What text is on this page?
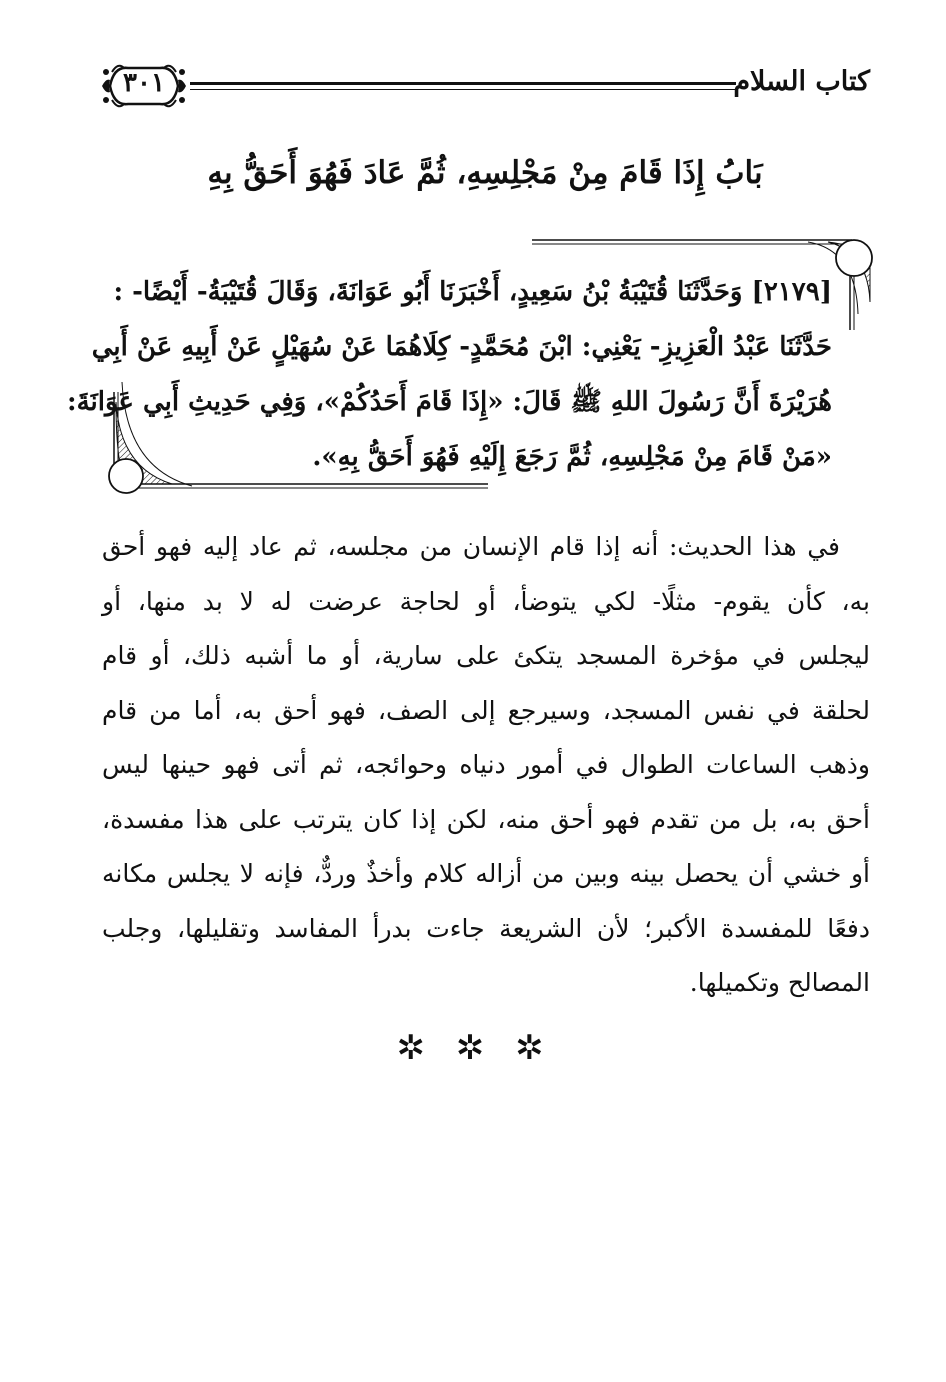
كتاب السلام
٣٠١
بَابُ إِذَا قَامَ مِنْ مَجْلِسِهِ، ثُمَّ عَادَ فَهُوَ أَحَقُّ بِهِ
[٢١٧٩] وَحَدَّثَنَا قُتَيْبَةُ بْنُ سَعِيدٍ، أَخْبَرَنَا أَبُو عَوَانَةَ، وَقَالَ قُتَيْبَةُ- أَيْضًا- :
حَدَّثَنَا عَبْدُ الْعَزِيزِ- يَعْنِي: ابْنَ مُحَمَّدٍ- كِلَاهُمَا عَنْ سُهَيْلٍ عَنْ أَبِيهِ عَنْ أَبِي
هُرَيْرَةَ أَنَّ رَسُولَ اللهِ ﷺ قَالَ: «إِذَا قَامَ أَحَدُكُمْ»، وَفِي حَدِيثِ أَبِي عَوَانَةَ:
«مَنْ قَامَ مِنْ مَجْلِسِهِ، ثُمَّ رَجَعَ إِلَيْهِ فَهُوَ أَحَقُّ بِهِ».
في هذا الحديث: أنه إذا قام الإنسان من مجلسه، ثم عاد إليه فهو أحق
به، كأن يقوم- مثلًا- لكي يتوضأ، أو لحاجة عرضت له لا بد منها، أو
ليجلس في مؤخرة المسجد يتكئ على سارية، أو ما أشبه ذلك، أو قام
لحلقة في نفس المسجد، وسيرجع إلى الصف، فهو أحق به، أما من قام
وذهب الساعات الطوال في أمور دنياه وحوائجه، ثم أتى فهو حينها ليس
أحق به، بل من تقدم فهو أحق منه، لكن إذا كان يترتب على هذا مفسدة،
أو خشي أن يحصل بينه وبين من أزاله كلام وأخذٌ وردٌّ، فإنه لا يجلس مكانه
دفعًا للمفسدة الأكبر؛ لأن الشريعة جاءت بدرأ المفاسد وتقليلها، وجلب
المصالح وتكميلها.
✲ ✲ ✲
